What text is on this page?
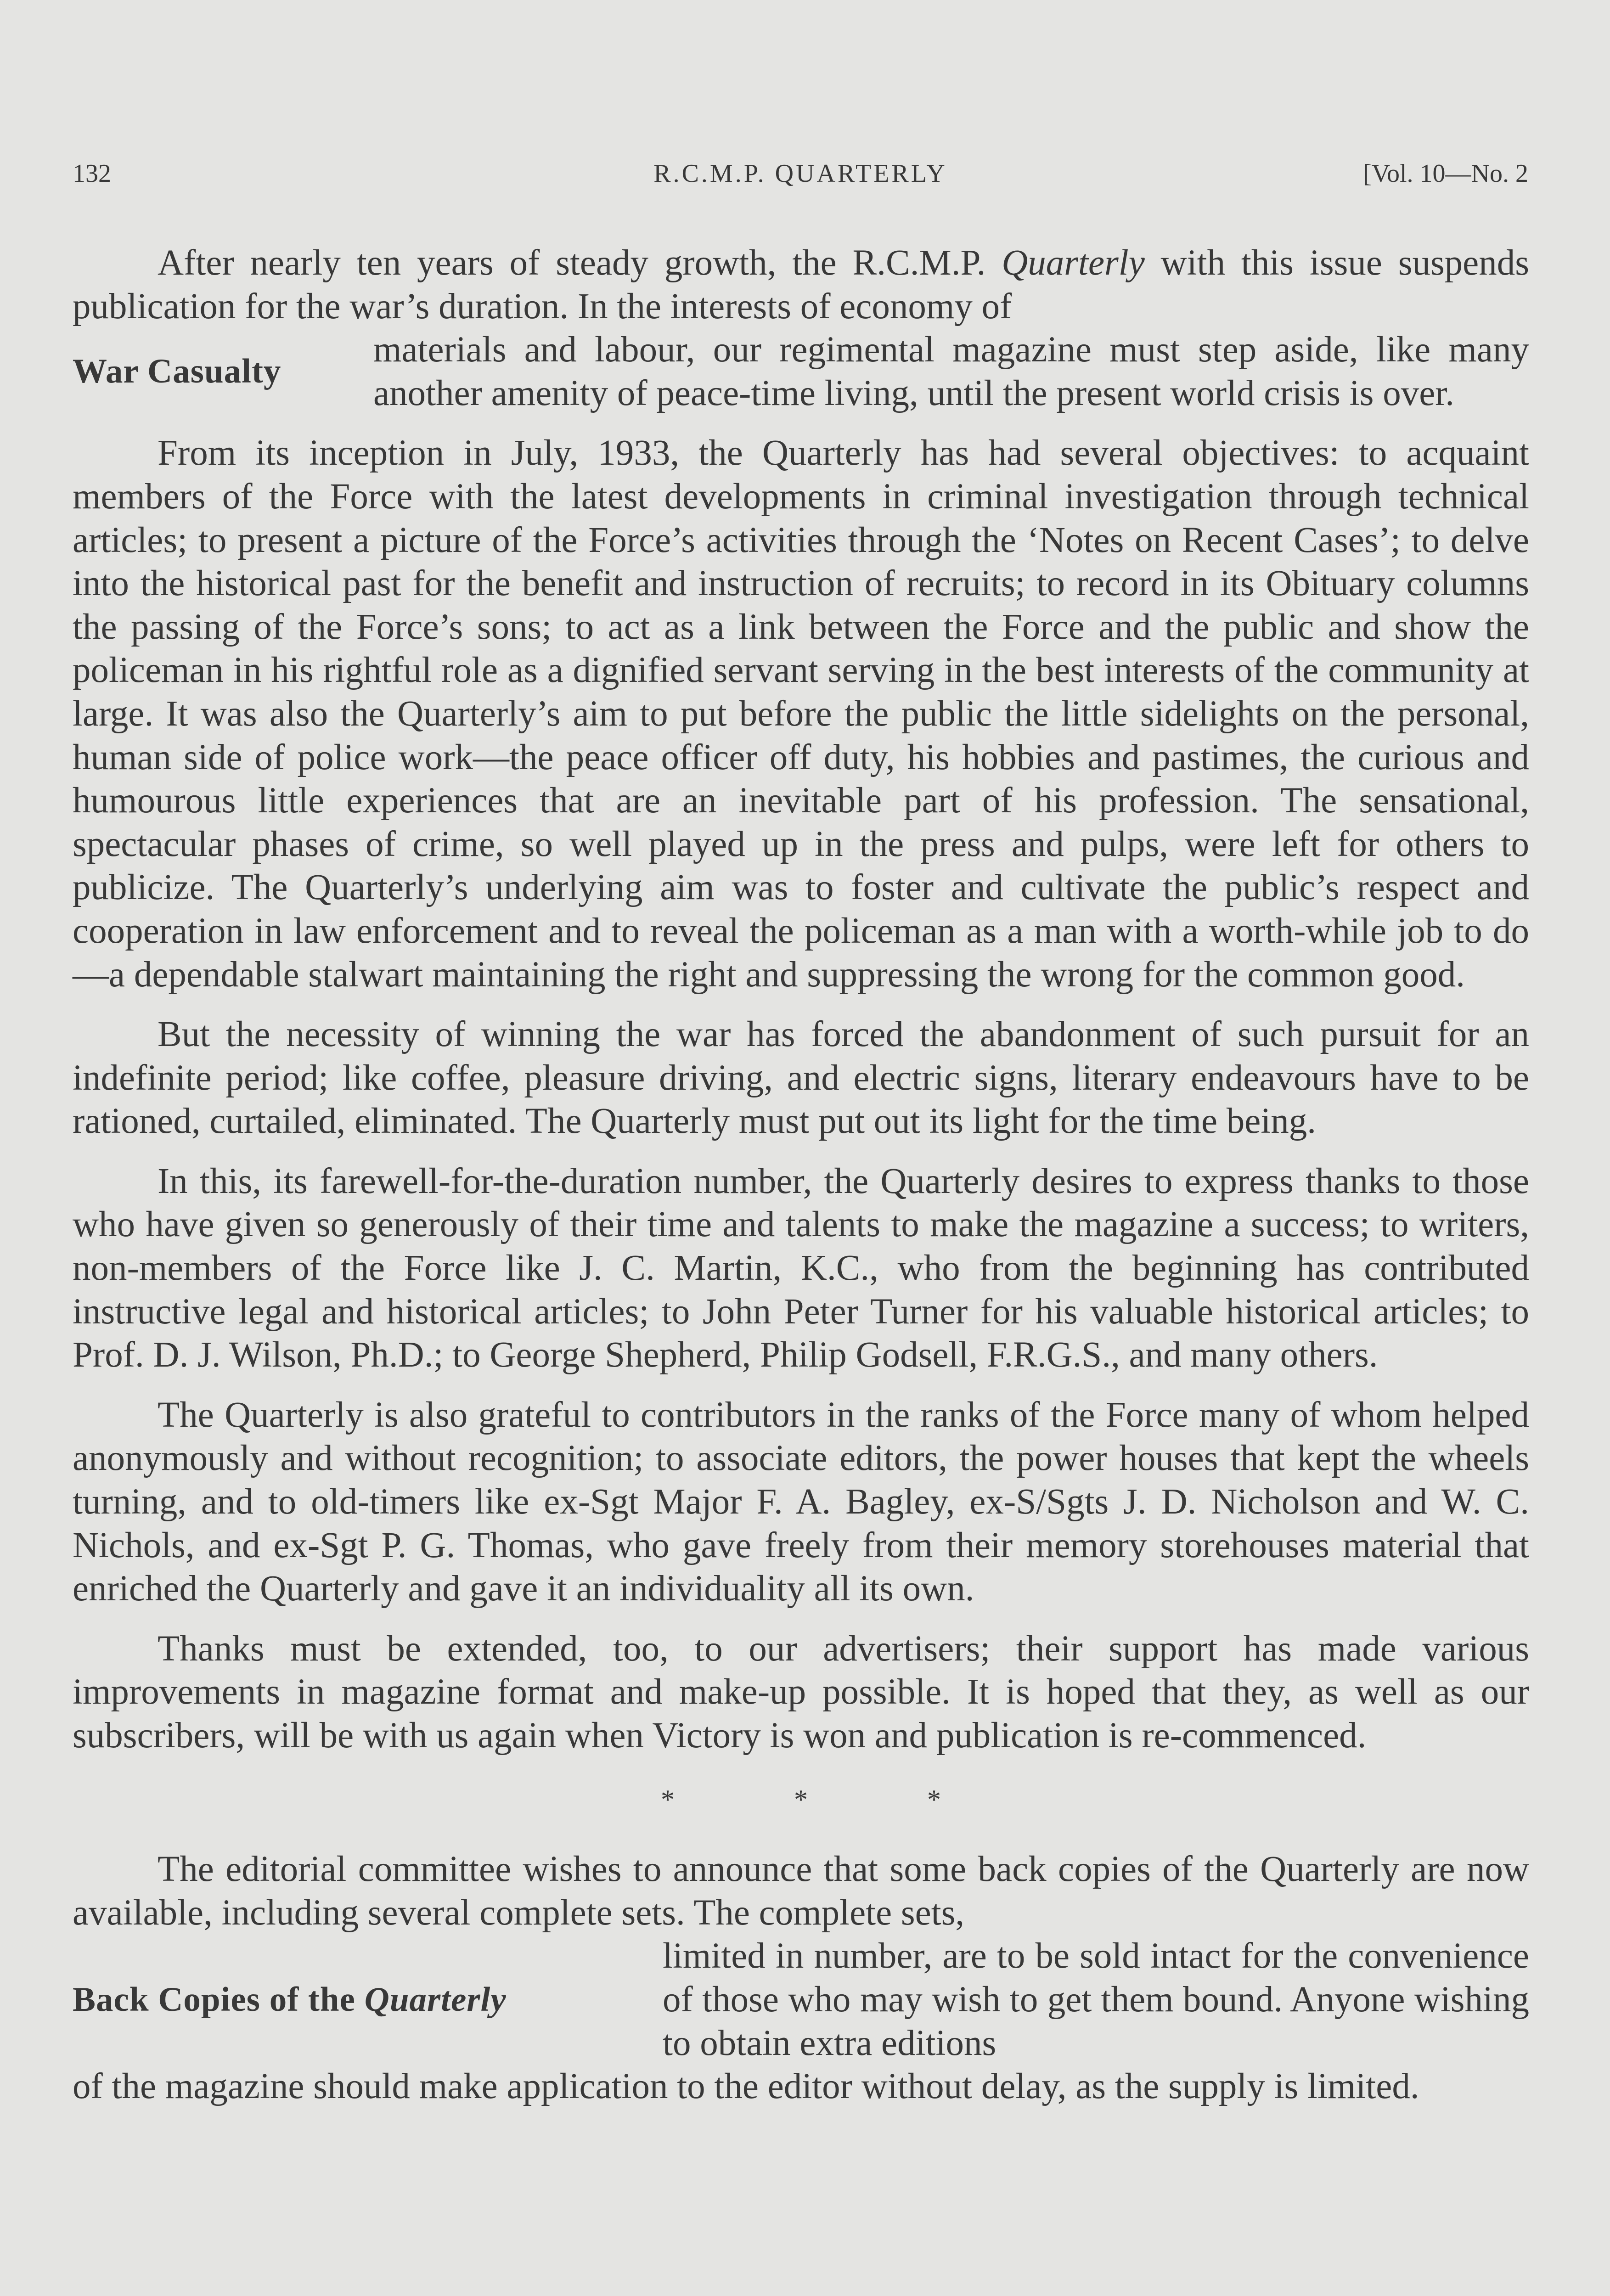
132	R.C.M.P. QUARTERLY	[Vol. 10—No. 2

After nearly ten years of steady growth, the R.C.M.P. Quarterly with this issue suspends publication for the war’s duration. In the interests of economy of

War Casualty
materials and labour, our regimental magazine must step aside, like many another amenity of peace-time living, until the present world crisis is over.

From its inception in July, 1933, the Quarterly has had several objectives: to acquaint members of the Force with the latest developments in criminal investigation through technical articles; to present a picture of the Force’s activities through the ‘Notes on Recent Cases’; to delve into the historical past for the benefit and instruction of recruits; to record in its Obituary columns the passing of the Force’s sons; to act as a link between the Force and the public and show the policeman in his rightful role as a dignified servant serving in the best interests of the community at large. It was also the Quarterly’s aim to put before the public the little sidelights on the personal, human side of police work—the peace officer off duty, his hobbies and pastimes, the curious and humourous little experiences that are an inevitable part of his profession. The sensational, spectacular phases of crime, so well played up in the press and pulps, were left for others to publicize. The Quarterly’s underlying aim was to foster and cultivate the public’s respect and cooperation in law enforcement and to reveal the policeman as a man with a worth-while job to do—a dependable stalwart maintaining the right and suppressing the wrong for the common good.

But the necessity of winning the war has forced the abandonment of such pursuit for an indefinite period; like coffee, pleasure driving, and electric signs, literary endeavours have to be rationed, curtailed, eliminated. The Quarterly must put out its light for the time being.

In this, its farewell-for-the-duration number, the Quarterly desires to express thanks to those who have given so generously of their time and talents to make the magazine a success; to writers, non-members of the Force like J. C. Martin, K.C., who from the beginning has contributed instructive legal and historical articles; to John Peter Turner for his valuable historical articles; to Prof. D. J. Wilson, Ph.D.; to George Shepherd, Philip Godsell, F.R.G.S., and many others.

The Quarterly is also grateful to contributors in the ranks of the Force many of whom helped anonymously and without recognition; to associate editors, the power houses that kept the wheels turning, and to old-timers like ex-Sgt Major F. A. Bagley, ex-S/Sgts J. D. Nicholson and W. C. Nichols, and ex-Sgt P. G. Thomas, who gave freely from their memory storehouses material that enriched the Quarterly and gave it an individuality all its own.

Thanks must be extended, too, to our advertisers; their support has made various improvements in magazine format and make-up possible. It is hoped that they, as well as our subscribers, will be with us again when Victory is won and publication is re-commenced.

*	*	*

The editorial committee wishes to announce that some back copies of the Quarterly are now available, including several complete sets. The complete sets,

Back Copies of the Quarterly
limited in number, are to be sold intact for the convenience of those who may wish to get them bound. Anyone wishing to obtain extra editions

of the magazine should make application to the editor without delay, as the supply is limited.
